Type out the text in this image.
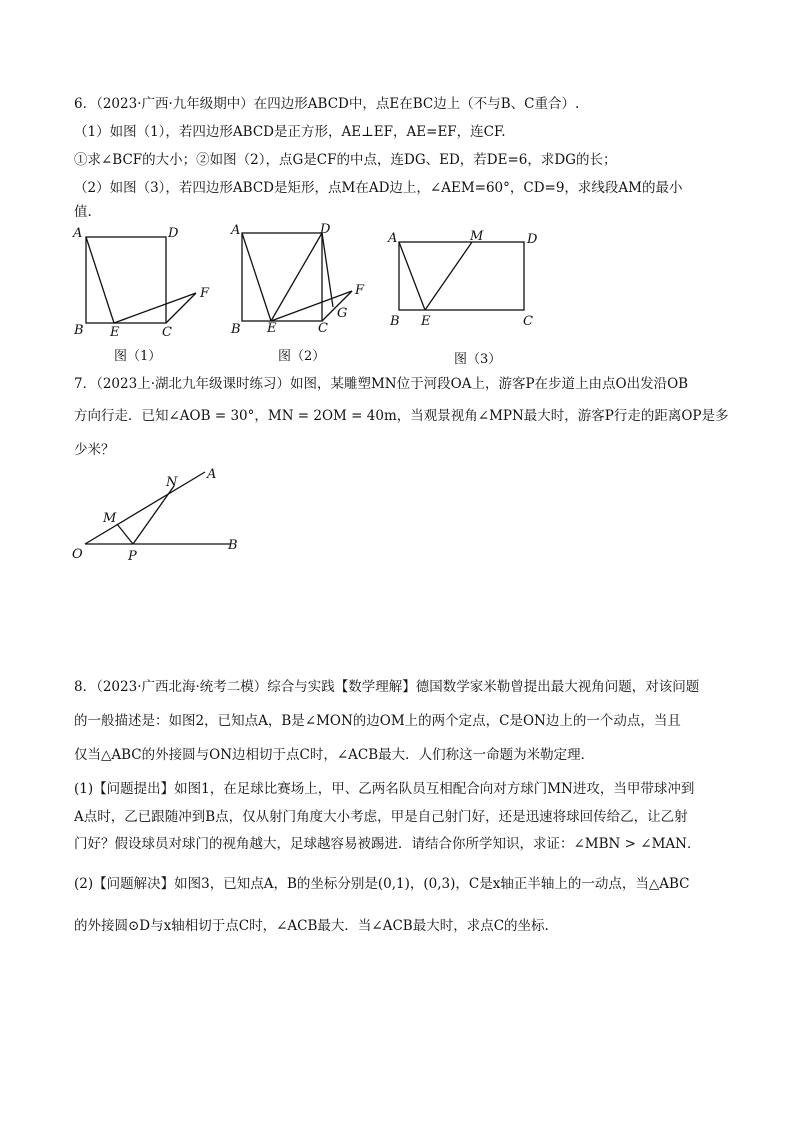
6．（2023·广西·九年级期中）在四边形ABCD中，点E在BC边上（不与B、C重合）.
（1）如图（1），若四边形ABCD是正方形，AE⊥EF，AE=EF，连CF.
①求∠BCF的大小；②如图（2），点G是CF的中点，连DG、ED，若DE=6，求DG的长；
（2）如图（3），若四边形ABCD是矩形，点M在AD边上，∠AEM=60°，CD=9，求线段AM的最小
值.
A	D
B E	C
F
图（1）
A	D
B E	C
F
G
图（2）
A	M	D
B E	C
图（3）
7．（2023上·湖北九年级课时练习）如图，某雕塑MN位于河段OA上，游客P在步道上由点O出发沿OB
方向行走．已知∠AOB = 30°，MN = 2OM = 40m，当观景视角∠MPN最大时，游客P行走的距离OP是多
少米？
O	P
B
M
N
A
8．（2023·广西北海·统考二模）综合与实践【数学理解】德国数学家米勒曾提出最大视角问题，对该问题
的一般描述是：如图2，已知点A，B是∠MON的边OM上的两个定点，C是ON边上的一个动点，当且
仅当△ABC的外接圆与ON边相切于点C时，∠ACB最大．人们称这一命题为米勒定理．
(1)【问题提出】如图1，在足球比赛场上，甲、乙两名队员互相配合向对方球门MN进攻，当甲带球冲到
A点时，乙已跟随冲到B点，仅从射门角度大小考虑，甲是自己射门好，还是迅速将球回传给乙，让乙射
门好？假设球员对球门的视角越大，足球越容易被踢进．请结合你所学知识，求证：∠MBN > ∠MAN．
(2)【问题解决】如图3，已知点A，B的坐标分别是(0,1)，(0,3)，C是x轴正半轴上的一动点，当△ABC
的外接圆⊙D与x轴相切于点C时，∠ACB最大．当∠ACB最大时，求点C的坐标.
